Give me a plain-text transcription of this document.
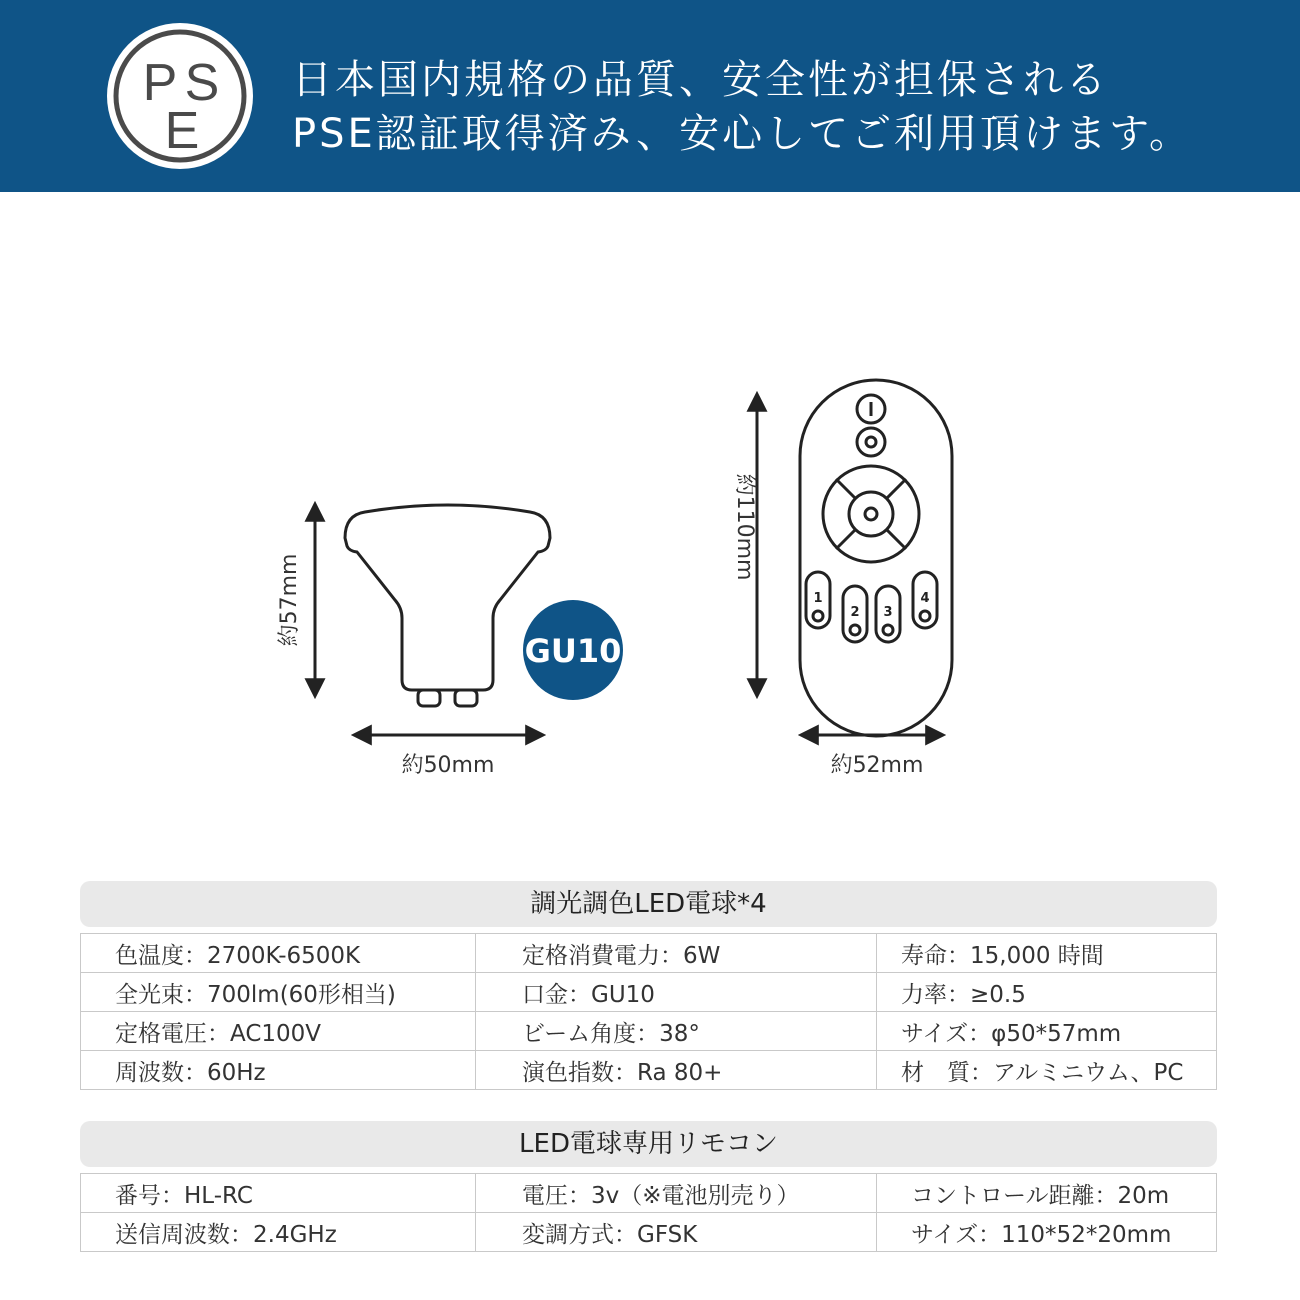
P S
E
日本国内規格の品質、安全性が担保される
PSE認証取得済み、安心してご利用頂けます。
GU10
1
2 3
4
約57mm
約50mm
約110mm
約52mm
調光調色LED電球*4
色温度：2700K-6500K	定格消費電力：6W	寿命：15,000 時間
全光束：700lm(60形相当)	口金：GU10	力率：≥0.5
定格電圧：AC100V	ビーム角度：38°	サイズ：φ50*57mm
周波数：60Hz	演色指数：Ra 80+	材　質：アルミニウム、PC
LED電球専用リモコン
番号：HL-RC	電圧：3v（※電池別売り）	コントロール距離：20m
送信周波数：2.4GHz	変調方式：GFSK	サイズ：110*52*20mm
